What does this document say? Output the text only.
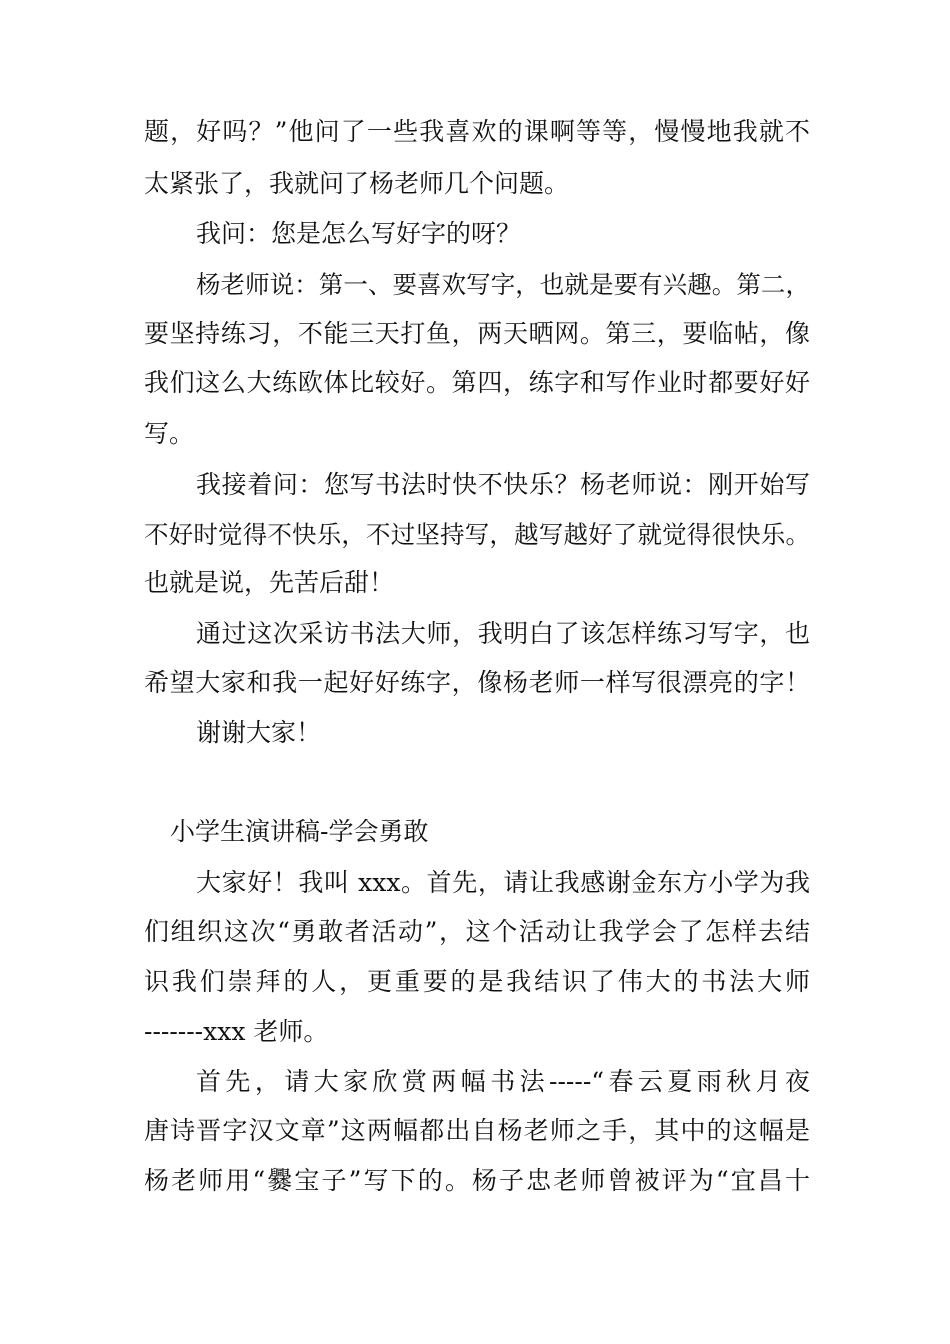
题，好吗？”他问了一些我喜欢的课啊等等，慢慢地我就不
太紧张了，我就问了杨老师几个问题。
我问：您是怎么写好字的呀？
杨老师说：第一、要喜欢写字，也就是要有兴趣。第二，
要坚持练习，不能三天打鱼，两天晒网。第三，要临帖，像
我们这么大练欧体比较好。第四，练字和写作业时都要好好
写。
我接着问：您写书法时快不快乐？杨老师说：刚开始写
不好时觉得不快乐，不过坚持写，越写越好了就觉得很快乐。
也就是说，先苦后甜！
通过这次采访书法大师，我明白了该怎样练习写字，也
希望大家和我一起好好练字，像杨老师一样写很漂亮的字！
谢谢大家！
小学生演讲稿-学会勇敢
大家好！我叫 xxx。首先，请让我感谢金东方小学为我
们组织这次“勇敢者活动”，这个活动让我学会了怎样去结
识我们崇拜的人，更重要的是我结识了伟大的书法大师
-------xxx 老师。
首先，请大家欣赏两幅书法-----“春云夏雨秋月夜
唐诗晋字汉文章”这两幅都出自杨老师之手，其中的这幅是
杨老师用“爨宝子”写下的。杨子忠老师曾被评为“宜昌十
